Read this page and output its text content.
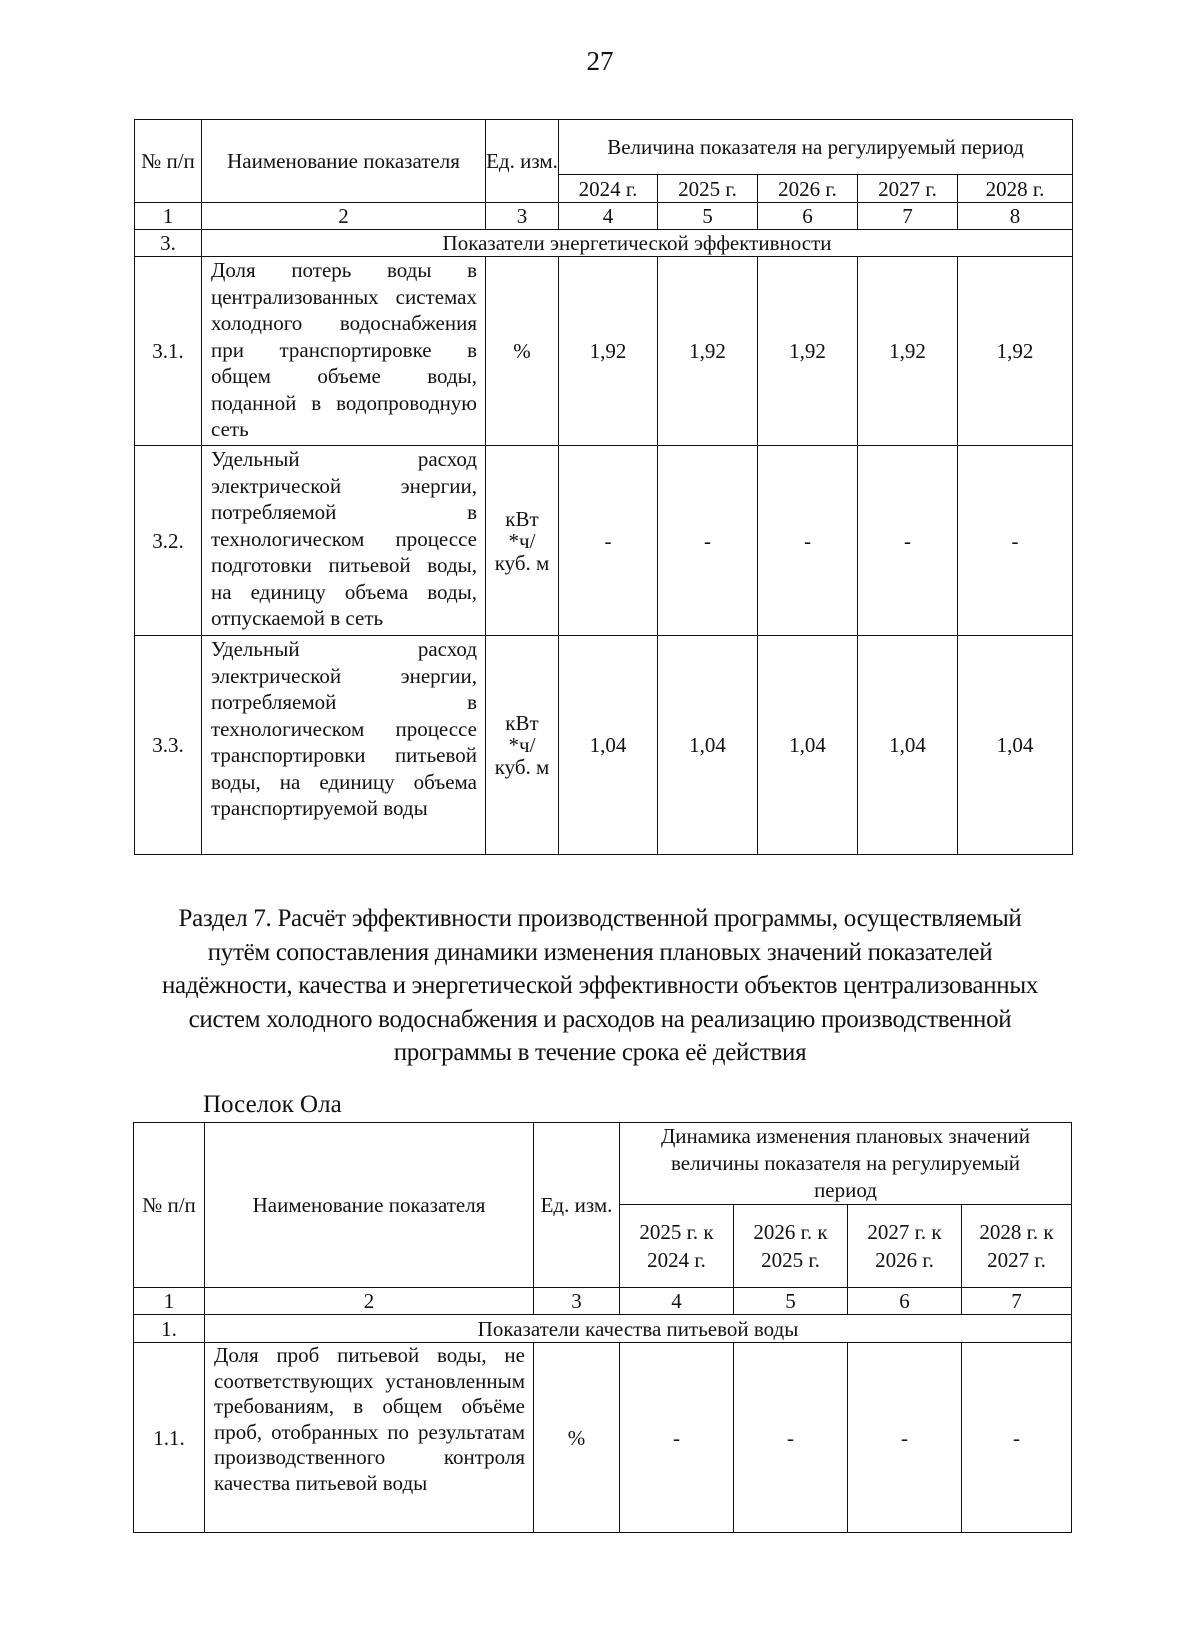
27
№ п/п	Наименование показателя	Ед. изм.	Величина показателя на регулируемый период				
			2024 г.	2025 г.	2026 г.	2027 г.	2028 г.
1	2	3	4	5	6	7	8
3.	Показатели энергетической эффективности						
3.1.	Доля потерь воды в централизованных системах холодного водоснабжения при транспортировке в общем объеме воды, поданной в водопроводную сеть	%	1,92	1,92	1,92	1,92	1,92
3.2.	Удельный расход электрической энергии, потребляемой в технологическом процессе подготовки питьевой воды, на единицу объема воды, отпускаемой в сеть	кВт *ч/ куб. м	-	-	-	-	-
3.3.	Удельный расход электрической энергии, потребляемой в технологическом процессе транспортировки питьевой воды, на единицу объема транспортируемой воды	кВт *ч/ куб. м	1,04	1,04	1,04	1,04	1,04
Раздел 7. Расчёт эффективности производственной программы, осуществляемый путём сопоставления динамики изменения плановых значений показателей надёжности, качества и энергетической эффективности объектов централизованных систем холодного водоснабжения и расходов на реализацию производственной программы в течение срока её действия
Поселок Ола
№ п/п	Наименование показателя	Ед. изм.	Динамика изменения плановых значений величины показателя на регулируемый период			
			2025 г. к 2024 г.	2026 г. к 2025 г.	2027 г. к 2026 г.	2028 г. к 2027 г.
1	2	3	4	5	6	7
1.	Показатели качества питьевой воды					
1.1.	Доля проб питьевой воды, не соответствующих установленным требованиям, в общем объёме проб, отобранных по результатам производственного контроля качества питьевой воды	%	-	-	-	-
